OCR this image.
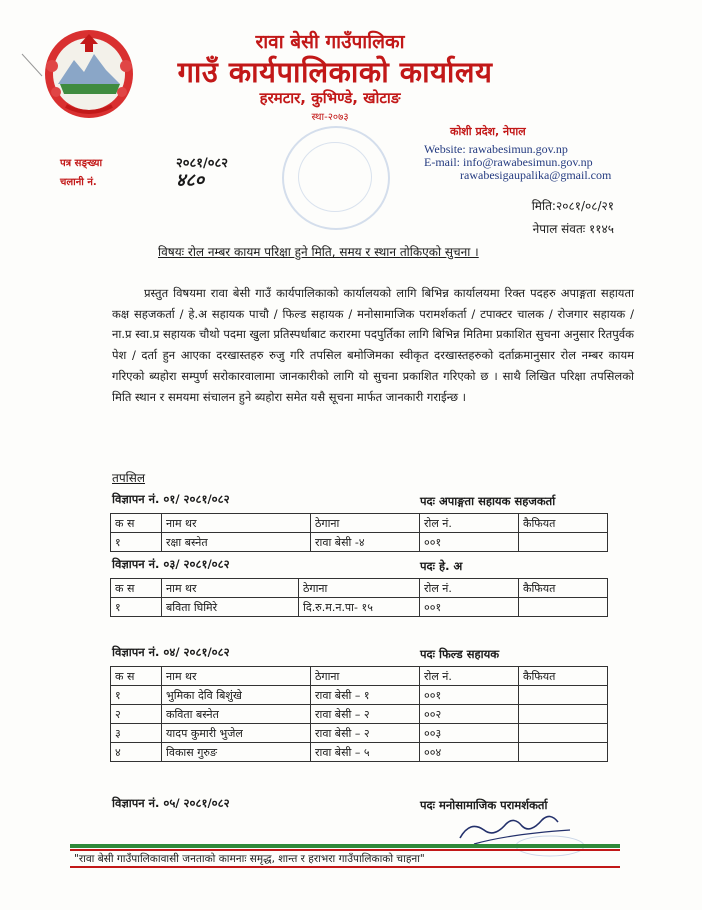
रावा बेसी गाउँपालिका
गाउँ कार्यपालिकाको कार्यालय
हरमटार, कुभिण्डे, खोटाङ
स्था-२०७३
कोशी प्रदेश, नेपाल
Website: rawabesimun.gov.np
E-mail: info@rawabesimun.gov.np
rawabesigaupalika@gmail.com
पत्र सङ्ख्या	२०८१/०८२
चलानी नं.	४८०
मिति:२०८१/०८/२१
नेपाल संवतः ११४५
विषयः रोल नम्बर कायम परिक्षा हुने मिति, समय र स्थान तोकिएको सुचना ।
प्रस्तुत विषयमा रावा बेसी गाउँ कार्यपालिकाको कार्यालयको लागि बिभिन्न कार्यालयमा रिक्त पदहरु अपाङ्गता सहायता कक्ष सहजकर्ता / हे.अ सहायक पाचौ / फिल्ड सहायक / मनोसामाजिक परामर्शकर्ता / टपाक्टर चालक / रोजगार सहायक / ना.प्र स्वा.प्र सहायक चौथो पदमा खुला प्रतिस्पर्धाबाट करारमा पदपुर्तिका लागि बिभिन्न मितिमा प्रकाशित सुचना अनुसार रितपुर्वक पेश / दर्ता हुन आएका दरखास्तहरु रुजु गरि तपसिल बमोजिमका स्वीकृत दरखास्तहरुको दर्ताक्रमानुसार रोल नम्बर कायम गरिएको ब्यहोरा सम्पुर्ण सरोकारवालामा जानकारीको लागि यो सुचना प्रकाशित गरिएको छ । साथै लिखित परिक्षा तपसिलको मिति स्थान र समयमा संचालन हुने ब्यहोरा समेत यसै सूचना मार्फत जानकारी गराईन्छ ।
तपसिल
विज्ञापन नं. ०१/ २०८१/०८२	पदः अपाङ्गता सहायक सहजकर्ता
क स	नाम थर	ठेगाना	रोल नं.	कैफियत
१	रक्षा बस्नेत	रावा बेसी -४	००१	
विज्ञापन नं. ०३/ २०८१/०८२	पदः हे. अ
क स	नाम थर	ठेगाना	रोल नं.	कैफियत
१	बविता घिमिरे	दि.रु.म.न.पा- १५	००१	
विज्ञापन नं. ०४/ २०८१/०८२	पदः फिल्ड सहायक
क स	नाम थर	ठेगाना	रोल नं.	कैफियत
१	भुमिका देवि बिशुंखे	रावा बेसी – १	००१	
२	कविता बस्नेत	रावा बेसी – २	००२	
३	यादप कुमारी भुजेल	रावा बेसी – २	००३	
४	विकास गुरुङ	रावा बेसी – ५	००४	
विज्ञापन नं. ०५/ २०८१/०८२	पदः मनोसामाजिक परामर्शकर्ता
"रावा बेसी गाउँपालिकावासी जनताको कामनाः समृद्ध, शान्त र हराभरा गाउँपालिकाको चाहना"
